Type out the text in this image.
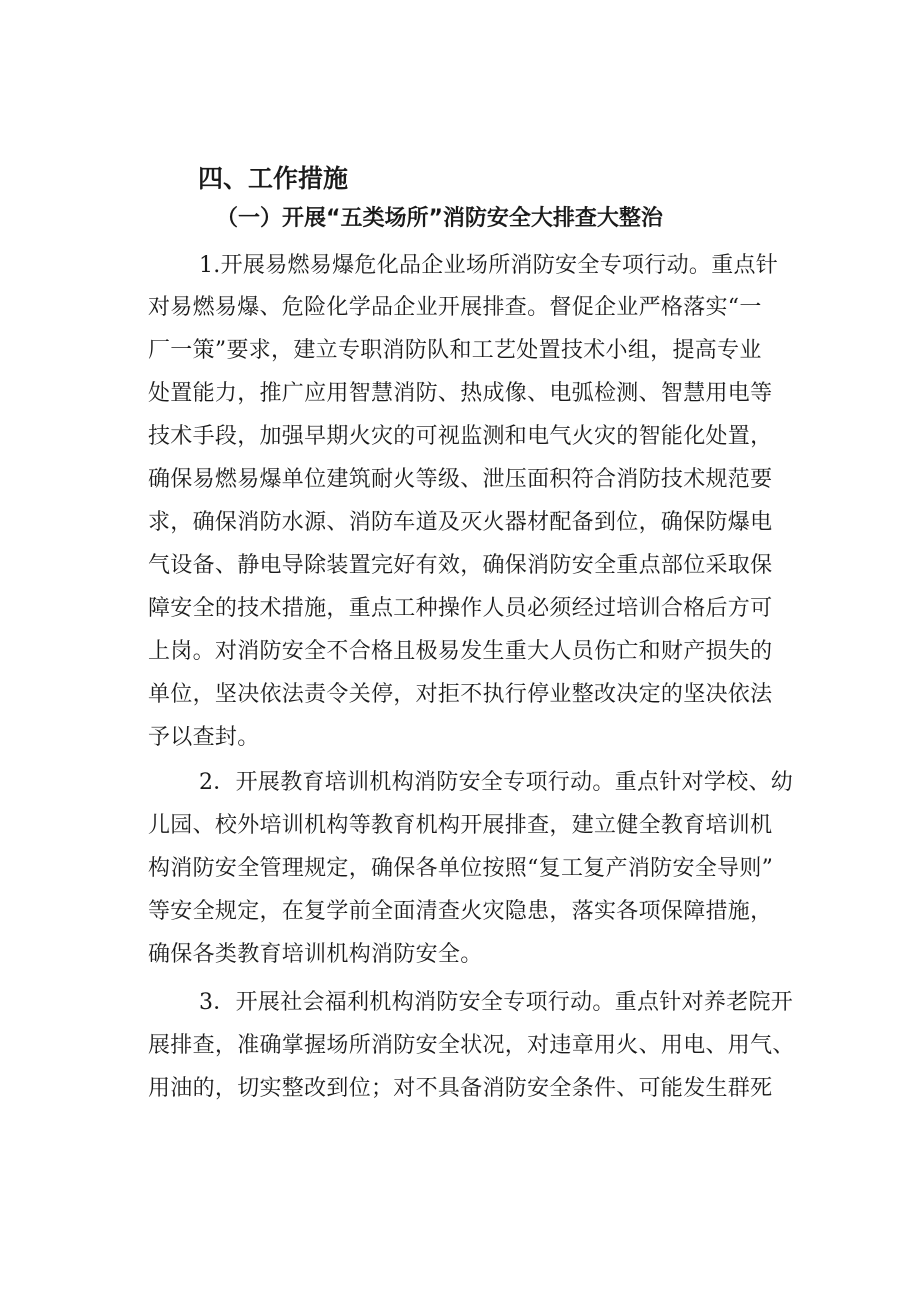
四、工作措施
（一）开展“五类场所”消防安全大排查大整治
1.开展易燃易爆危化品企业场所消防安全专项行动。重点针
对易燃易爆、危险化学品企业开展排查。督促企业严格落实“一
厂一策”要求，建立专职消防队和工艺处置技术小组，提高专业
处置能力，推广应用智慧消防、热成像、电弧检测、智慧用电等
技术手段，加强早期火灾的可视监测和电气火灾的智能化处置，
确保易燃易爆单位建筑耐火等级、泄压面积符合消防技术规范要
求，确保消防水源、消防车道及灭火器材配备到位，确保防爆电
气设备、静电导除装置完好有效，确保消防安全重点部位采取保
障安全的技术措施，重点工种操作人员必须经过培训合格后方可
上岗。对消防安全不合格且极易发生重大人员伤亡和财产损失的
单位，坚决依法责令关停，对拒不执行停业整改决定的坚决依法
予以查封。
2．开展教育培训机构消防安全专项行动。重点针对学校、幼
儿园、校外培训机构等教育机构开展排查，建立健全教育培训机
构消防安全管理规定，确保各单位按照“复工复产消防安全导则”
等安全规定，在复学前全面清查火灾隐患，落实各项保障措施，
确保各类教育培训机构消防安全。
3．开展社会福利机构消防安全专项行动。重点针对养老院开
展排查，准确掌握场所消防安全状况，对违章用火、用电、用气、
用油的，切实整改到位；对不具备消防安全条件、可能发生群死
